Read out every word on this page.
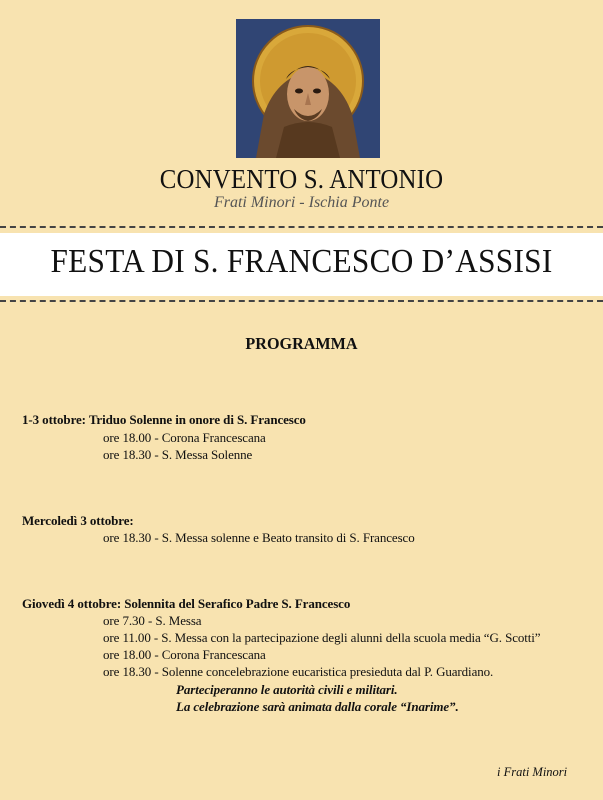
CONVENTO S. ANTONIO
Frati Minori - Ischia Ponte
FESTA DI S. FRANCESCO D’ASSISI
PROGRAMMA
1-3 ottobre: Triduo Solenne in onore di S. Francesco
ore 18.00 - Corona Francescana
ore 18.30 - S. Messa Solenne
Mercoledì 3 ottobre:
ore 18.30 - S. Messa solenne e Beato transito di S. Francesco
Giovedì 4 ottobre: Solennita del Serafico Padre S. Francesco
ore 7.30 - S. Messa
ore 11.00 - S. Messa con la partecipazione degli alunni della scuola media “G. Scotti”
ore 18.00 - Corona Francescana
ore 18.30 - Solenne concelebrazione eucaristica presieduta dal P. Guardiano.
Parteciperanno le autorità civili e militari.
La celebrazione sarà animata dalla corale “Inarime”.
i Frati Minori
